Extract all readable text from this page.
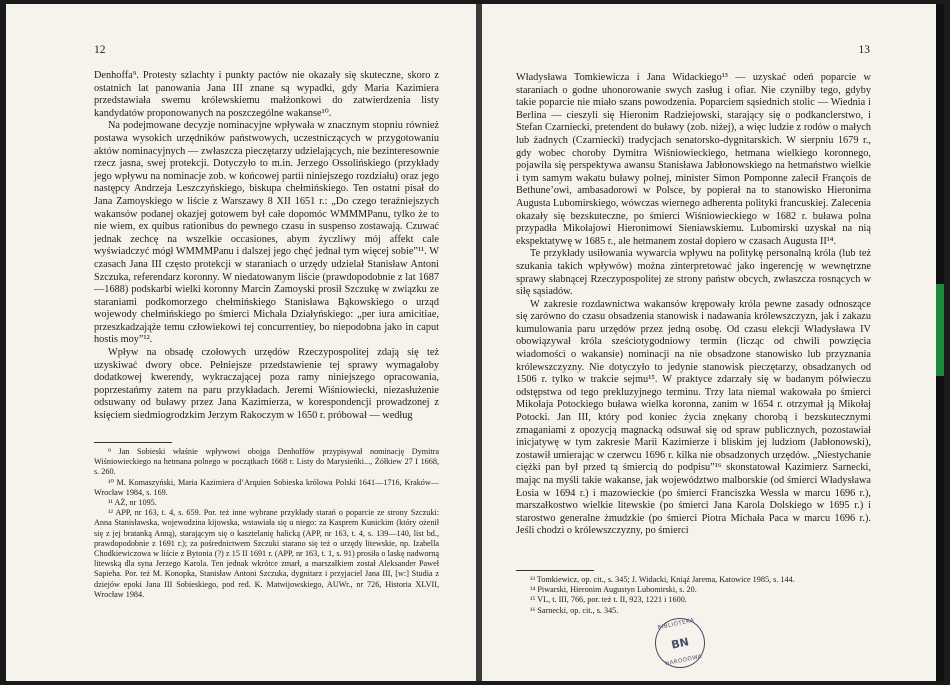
12

Denhoffa⁹. Protesty szlachty i punkty pactów nie okazały się skuteczne, skoro z ostatnich lat panowania Jana III znane są wypadki, gdy Maria Kazimiera przedstawiała swemu królewskiemu małżonkowi do zatwierdzenia listy kandydatów proponowanych na poszczególne wakanse¹⁰.

Na podejmowane decyzje nominacyjne wpływała w znacznym stopniu również postawa wysokich urzędników państwowych, uczestniczących w przygotowaniu aktów nominacyjnych — zwłaszcza pieczętarzy udzielających, nie bezinteresownie rzecz jasna, swej protekcji. Dotyczyło to m.in. Jerzego Ossolińskiego (przykłady jego wpływu na nominacje zob. w końcowej partii niniejszego rozdziału) oraz jego następcy Andrzeja Leszczyńskiego, biskupa chełmińskiego. Ten ostatni pisał do Jana Zamoyskiego w liście z Warszawy 8 XII 1651 r.: „Do czego teraźniejszych wakansów podanej okazjej gotowem był całe dopomóc WMMMPanu, tylko że to nie wiem, ex quibus rationibus do pewnego czasu in suspenso zostawają. Czuwać jednak zechcę na wszelkie occasiones, abym życzliwy mój affekt cale wyświadczyć mógł WMMMPanu i dalszej jego chęć jednał tym więcej sobie”¹¹. W czasach Jana III często protekcji w staraniach o urzędy udzielał Stanisław Antoni Szczuka, referendarz koronny. W niedatowanym liście (prawdopodobnie z lat 1687—1688) podskarbi wielki koronny Marcin Zamoyski prosił Szczukę w związku ze staraniami podkomorzego chełmińskiego Stanisława Bąkowskiego o urząd wojewody chełmińskiego po śmierci Michała Działyńskiego: „per iura amicitiae, przeszkadzająże temu człowiekowi tej concurrentiey, bo niepodobna jako in caput hostis moy”¹².

Wpływ na obsadę czołowych urzędów Rzeczypospolitej zdają się też uzyskiwać dwory obce. Pełniejsze przedstawienie tej sprawy wymagałoby dodatkowej kwerendy, wykraczającej poza ramy niniejszego opracowania, poprzestańmy zatem na paru przykładach. Jeremi Wiśniowiecki, niezasłużenie odsuwany od buławy przez Jana Kazimierza, w korespondencji prowadzonej z księciem siedmiogrodzkim Jerzym Rakoczym w 1650 r. próbował — według

⁹ Jan Sobieski właśnie wpływowi obojga Denhoffów przypisywał nominację Dymitra Wiśniowieckiego na hetmana polnego w początkach 1668 r. Listy do Marysieńki..., Żółkiew 27 I 1668, s. 260.

¹⁰ M. Komaszyński, Maria Kazimiera d’Arquien Sobieska królowa Polski 1641—1716, Kraków—Wrocław 1984, s. 169.

¹¹ AŻ, nr 1095.

¹² APP, nr 163, t. 4, s. 659. Por. też inne wybrane przykłady starań o poparcie ze strony Szczuki: Anna Stanisławska, wojewodzina kijowska, wstawiała się u niego: za Kasprem Kunickim (który ożenił się z jej bratanką Anną), starającym się o kasztelanię halicką (APP, nr 163, t. 4, s. 139—140, list bd., prawdopodobnie z 1691 r.); za pośrednictwem Szczuki starano się też o urzędy litewskie, np. Izabella Chodkiewiczowa w liście z Bytonia (?) z 15 II 1691 r. (APP, nr 163, t. 1, s. 91) prosiła o laskę nadworną litewską dla syna Jerzego Karola. Ten jednak wkrótce zmarł, a marszałkiem został Aleksander Paweł Sapieha. Por. też M. Konopka, Stanisław Antoni Szczuka, dygnitarz i przyjaciel Jana III, [w:] Studia z dziejów epoki Jana III Sobieskiego, pod red. K. Matwijowskiego, AUWr., nr 726, Historia XLVII, Wrocław 1984.

13

Władysława Tomkiewicza i Jana Widackiego¹³ — uzyskać odeń poparcie w staraniach o godne uhonorowanie swych zasług i ofiar. Nie czyniłby tego, gdyby takie poparcie nie miało szans powodzenia. Poparciem sąsiednich stolic — Wiednia i Berlina — cieszyli się Hieronim Radziejowski, starający się o podkanclerstwo, i Stefan Czarniecki, pretendent do buławy (zob. niżej), a więc ludzie z rodów o małych lub żadnych (Czarniecki) tradycjach senatorsko-dygnitarskich. W sierpniu 1679 r., gdy wobec choroby Dymitra Wiśniowieckiego, hetmana wielkiego koronnego, pojawiła się perspektywa awansu Stanisława Jabłonowskiego na hetmaństwo wielkie i tym samym wakatu buławy polnej, minister Simon Pomponne zalecił François de Bethune’owi, ambasadorowi w Polsce, by popierał na to stanowisko Hieronima Augusta Lubomirskiego, wówczas wiernego adherenta polityki francuskiej. Zalecenia okazały się bezskuteczne, po śmierci Wiśniowieckiego w 1682 r. buława polna przypadła Mikołajowi Hieronimowi Sieniawskiemu. Lubomirski uzyskał na nią ekspektatywę w 1685 r., ale hetmanem został dopiero w czasach Augusta II¹⁴.

Te przykłady usiłowania wywarcia wpływu na politykę personalną króla (lub też szukania takich wpływów) można zinterpretować jako ingerencję w wewnętrzne sprawy słabnącej Rzeczypospolitej ze strony państw obcych, zwłaszcza rosnących w siłę sąsiadów.

W zakresie rozdawnictwa wakansów krępowały króla pewne zasady odnoszące się zarówno do czasu obsadzenia stanowisk i nadawania królewszczyzn, jak i zakazu kumulowania paru urzędów przez jedną osobę. Od czasu elekcji Władysława IV obowiązywał króla sześciotygodniowy termin (licząc od chwili powzięcia wiadomości o wakansie) nominacji na nie obsadzone stanowisko lub przyznania królewszczyzny. Nie dotyczyło to jedynie stanowisk pieczętarzy, obsadzanych od 1506 r. tylko w trakcie sejmu¹⁵. W praktyce zdarzały się w badanym półwieczu odstępstwa od tego prekluzyjnego terminu. Trzy lata niemal wakowała po śmierci Mikołaja Potockiego buława wielka koronna, zanim w 1654 r. otrzymał ją Mikołaj Potocki. Jan III, który pod koniec życia znękany chorobą i bezskutecznymi zmaganiami z opozycją magnacką odsuwał się od spraw publicznych, pozostawiał inicjatywę w tym zakresie Marii Kazimierze i bliskim jej ludziom (Jabłonowski), zostawił umierając w czerwcu 1696 r. kilka nie obsadzonych urzędów. „Niestychanie ciężki pan był przed tą śmiercią do podpisu”¹⁶ skonstatował Kazimierz Sarnecki, mając na myśli takie wakanse, jak województwo malborskie (od śmierci Władysława Łosia w 1694 r.) i mazowieckie (po śmierci Franciszka Wessla w marcu 1696 r.), marszałkostwo wielkie litewskie (po śmierci Jana Karola Dolskiego w 1695 r.) i starostwo generalne żmudzkie (po śmierci Piotra Michała Paca w marcu 1696 r.). Jeśli chodzi o królewszczyzny, po śmierci

¹³ Tomkiewicz, op. cit., s. 345; J. Widacki, Kniąź Jarema, Katowice 1985, s. 144.

¹⁴ Piwarski, Hieronim Augustyn Lubomirski, s. 20.

¹⁵ VL, t. III, 766, por. też t. II, 923, 1221 i 1600.

¹⁶ Sarnecki, op. cit., s. 345.

BIBLIOTEKA
BN
NARODOWA
